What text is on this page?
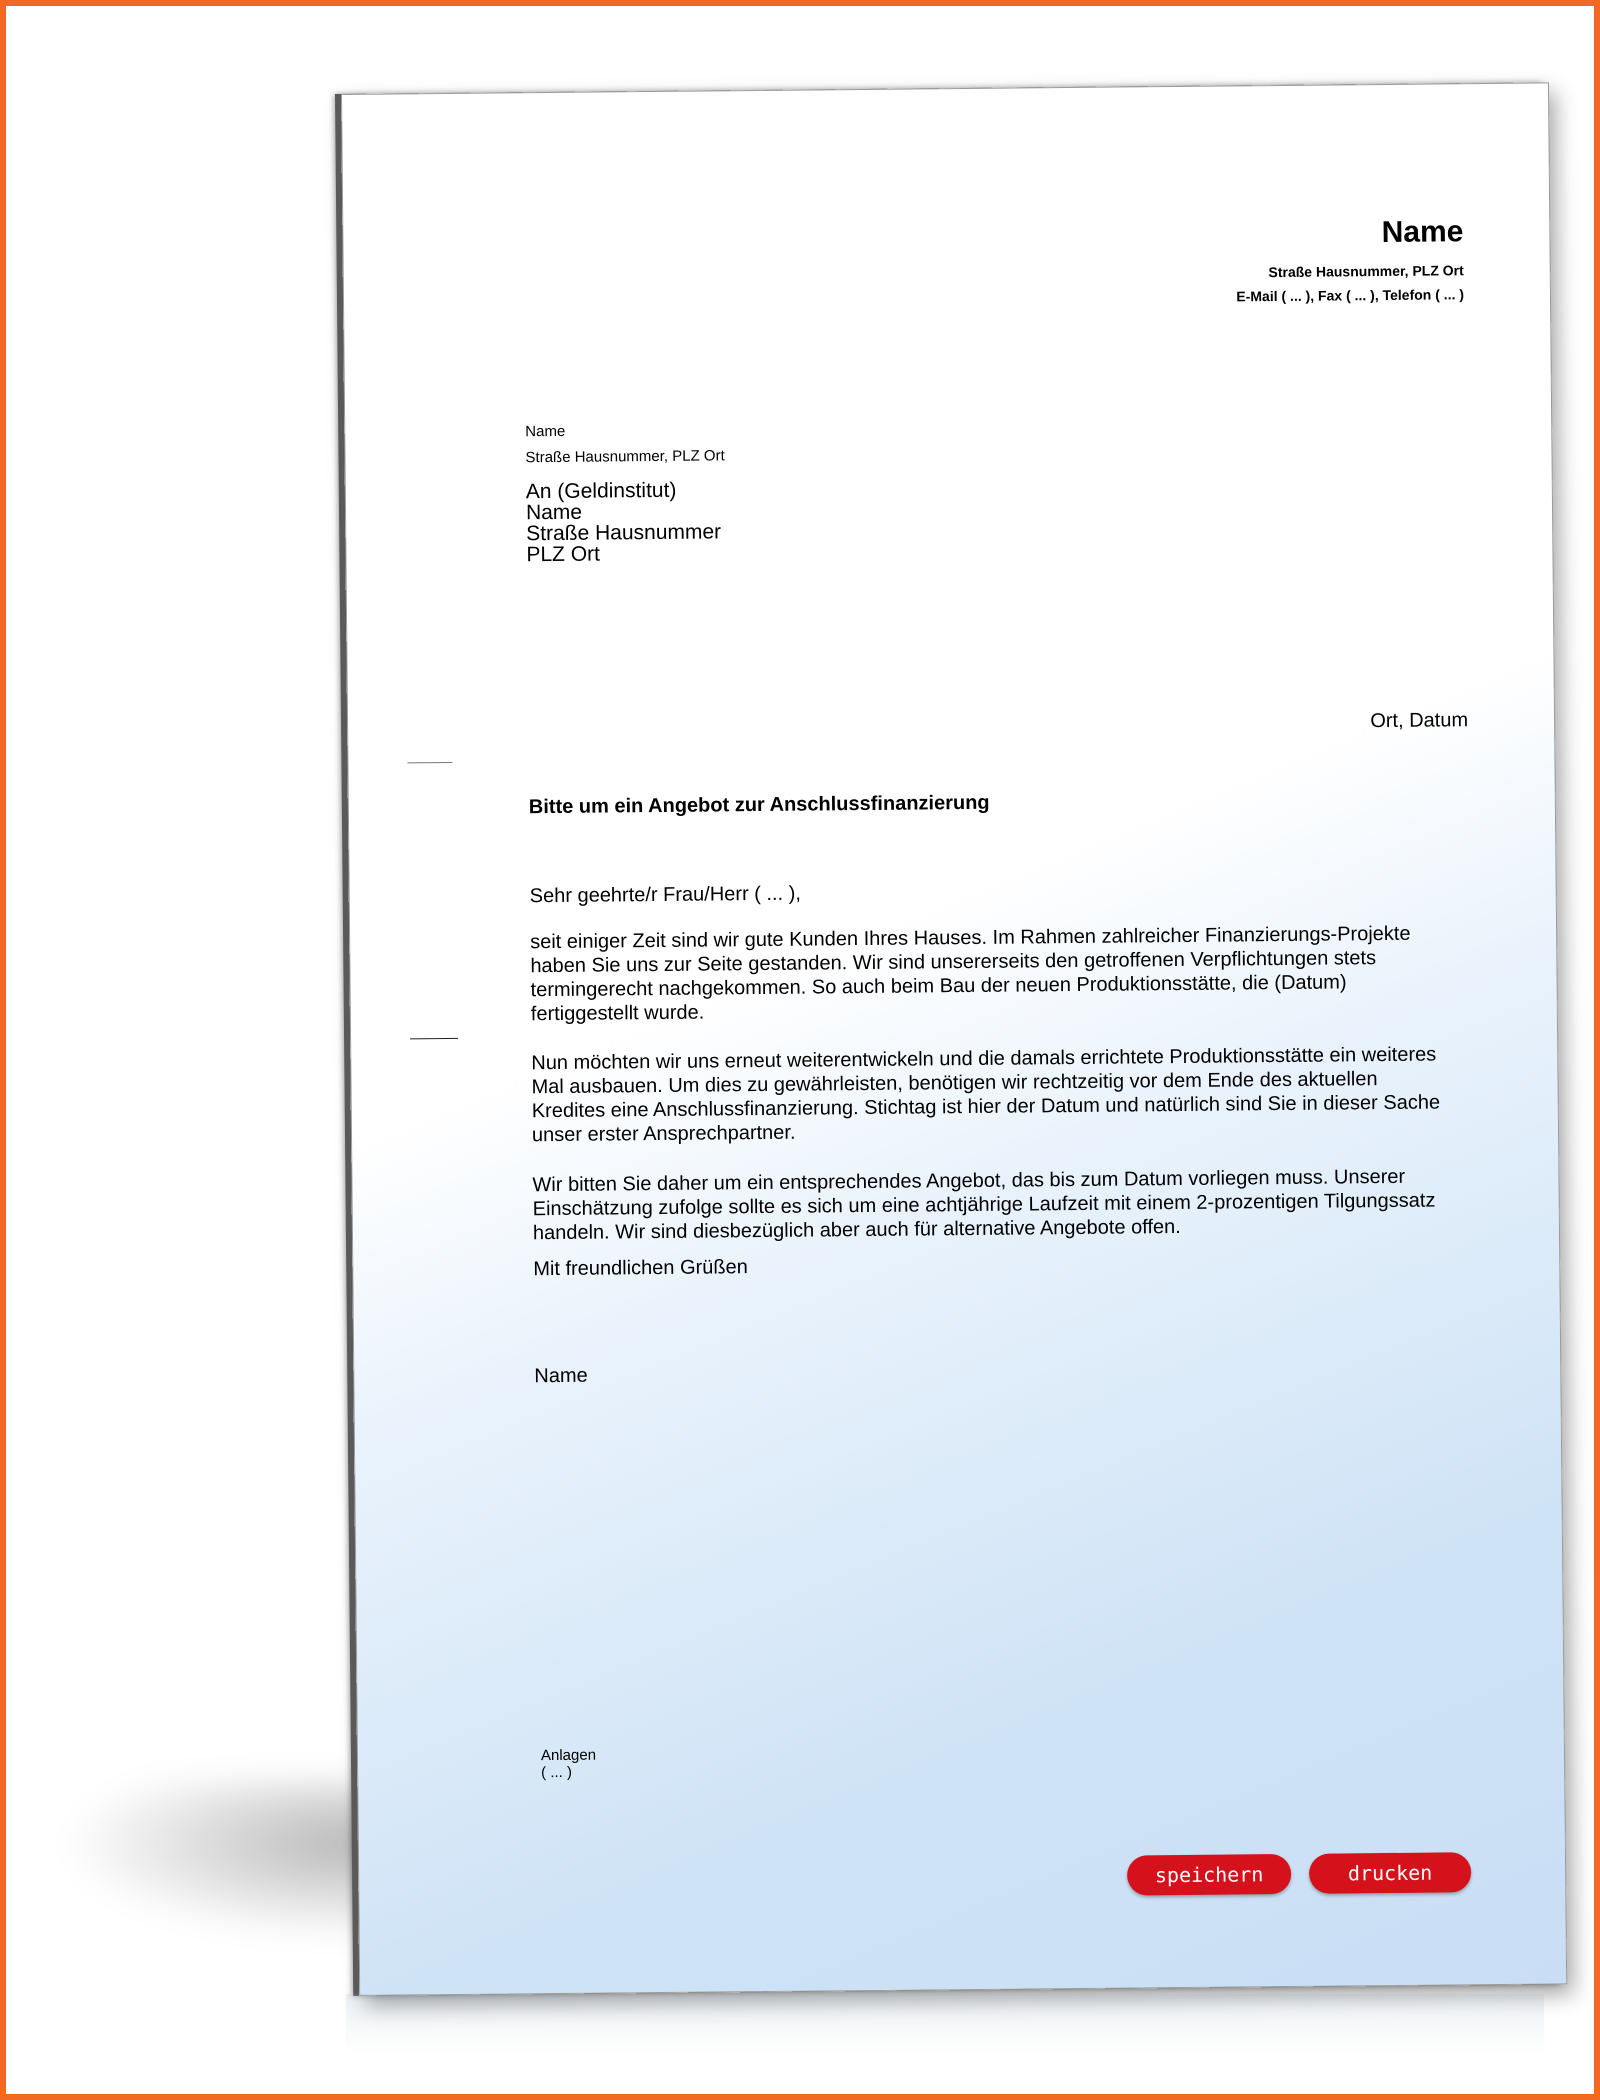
Name
Straße Hausnummer, PLZ Ort
E-Mail ( ... ), Fax ( ... ), Telefon ( ... )
Name
Straße Hausnummer, PLZ Ort
An (Geldinstitut)
Name
Straße Hausnummer
PLZ Ort
Ort, Datum
Bitte um ein Angebot zur Anschlussfinanzierung
Sehr geehrte/r Frau/Herr ( ... ),

seit einiger Zeit sind wir gute Kunden Ihres Hauses. Im Rahmen zahlreicher Finanzierungs-Projekte haben Sie uns zur Seite gestanden. Wir sind unsererseits den getroffenen Verpflichtungen stets termingerecht nachgekommen. So auch beim Bau der neuen Produktionsstätte, die (Datum) fertiggestellt wurde.

Nun möchten wir uns erneut weiterentwickeln und die damals errichtete Produktionsstätte ein weiteres Mal ausbauen. Um dies zu gewährleisten, benötigen wir rechtzeitig vor dem Ende des aktuellen Kredites eine Anschlussfinanzierung. Stichtag ist hier der Datum und natürlich sind Sie in dieser Sache unser erster Ansprechpartner.

Wir bitten Sie daher um ein entsprechendes Angebot, das bis zum Datum vorliegen muss. Unserer Einschätzung zufolge sollte es sich um eine achtjährige Laufzeit mit einem 2-prozentigen Tilgungssatz handeln. Wir sind diesbezüglich aber auch für alternative Angebote offen.

Mit freundlichen Grüßen
Name
Anlagen
( ... )
speichern	drucken
